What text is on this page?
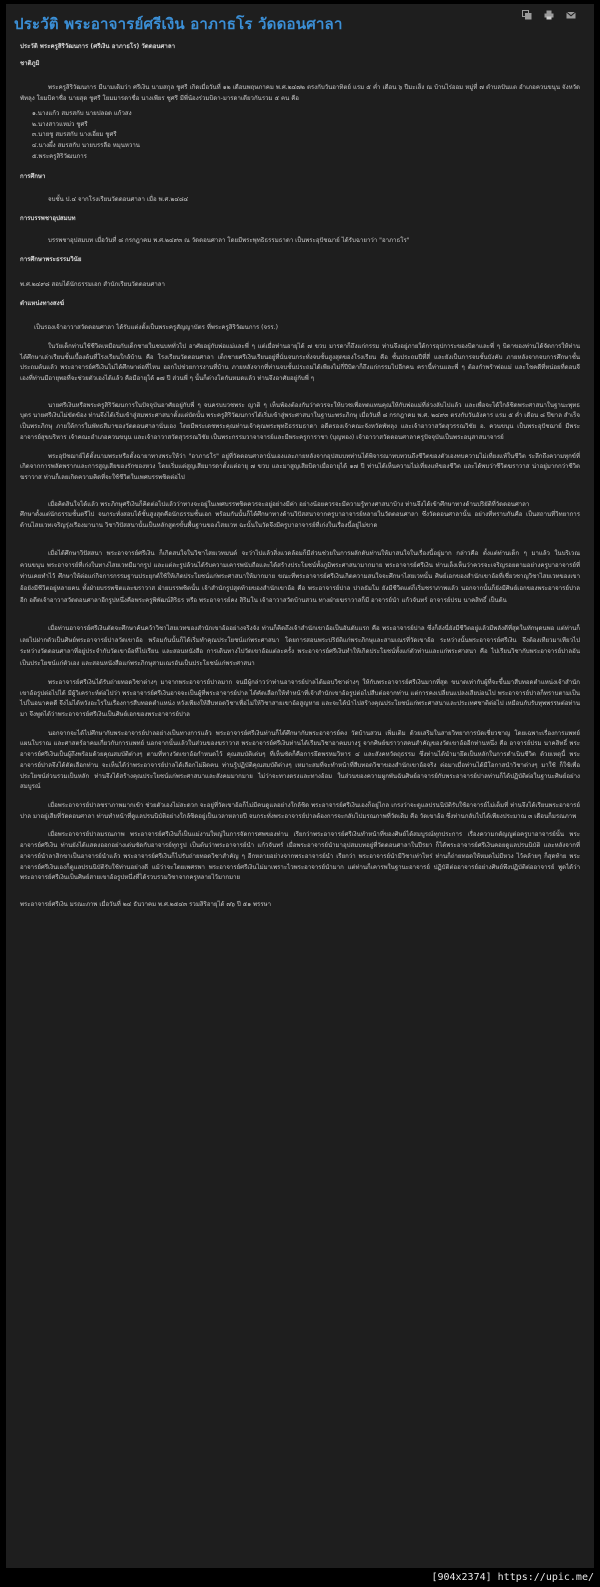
ประวัติ พระอาจารย์ศรีเงิน อาภาธโร วัดดอนศาลา
ประวัติ พระครูสิริวัฒนการ (ศรีเงิน อาภาธโร) วัดดอนศาลา
ชาติภูมิ
พระครูสิริวัฒนการ มีนามเดิมว่า ศรีเงิน นามสกุล ชูศรี เกิดเมื่อวันที่ ๑๒ เดือนพฤษภาคม พ.ศ.๒๔๗๒ ตรงกับวันอาทิตย์ แรม ๕ ค่ำ เดือน ๖ ปีมะเส็ง ณ บ้านไร่ออม หมู่ที่ ๗ ตำบลปันแต อำเภอควนขนุน จังหวัดพัทลุง โยมบิดาชื่อ นายสุด ชูศรี โยมมารดาชื่อ นางเพียร ชูศรี มีพี่น้องร่วมบิดา-มารดาเดียวกันรวม ๕ คน คือ
๑.นางแก้ว สมรสกับ นายปลอด แก้วสง
๒.นางสาวแหม่ว ชูศรี
๓.นายชู สมรสกับ นางเอี่ยม ชูศรี
๔.นางผึ้ง สมรสกับ นายบรรลือ หมุนหวาน
๕.พระครูสิริวัฒนการ
การศึกษา
จบชั้น ป.๔ จากโรงเรียนวัดดอนศาลา เมื่อ พ.ศ.๒๔๘๔
การบรรพชาอุปสมบท
บรรพชาอุปสมบท เมื่อวันที่ ๘ กรกฎาคม พ.ศ.๒๔๙๓ ณ วัดดอนศาลา โดยมีพระพุทธิธรรมธาดา เป็นพระอุปัชฌาย์ ได้รับฉายาว่า "อาภาธโร"
การศึกษาพระธรรมวินัย
พ.ศ.๒๔๙๘ สอบได้นักธรรมเอก สำนักเรียนวัดดอนศาลา
ตำแหน่งทางสงฆ์
เป็นรองเจ้าอาวาสวัดดอนศาลา ได้รับแต่งตั้งเป็นพระครูสัญญาบัตร ที่พระครูสิริวัฒนการ (จรร.)
ในวัยเด็กท่านใช้ชีวิตเหมือนกับเด็กชายในชนบททั่วไป อาศัยอยู่กับพ่อแม่และพี่ ๆ แต่เมื่อท่านอายุได้ ๗ ขวบ มารดาก็ถึงแก่กรรม ท่านจึงอยู่ภายใต้การอุปการะของบิดาและพี่ ๆ บิดาของท่านได้จัดการให้ท่าน ได้ศึกษาเล่าเรียนชั้นเบื้องต้นที่โรงเรียนใกล้บ้าน คือ โรงเรียนวัดดอนศาลา เด็กชายศรีเงินเรียนอยู่ที่นั่นจนกระทั่งจบชั้นสูงสุดของโรงเรียน คือ ชั้นประถมปีที่สี่ และยังเป็นการจบชั้นบังคับ ภายหลังจากจบการศึกษาชั้นประถมต้นแล้ว พระอาจารย์ศรีเงินไม่ได้ศึกษาต่อที่ไหน ออกไปช่วยการงานที่บ้าน ภายหลังจากที่ท่านจบชั้นประถมได้เพียงไม่กี่ปีบิดาก็ถึงแก่กรรมไปอีกคน ครานี้ท่านและพี่ ๆ ต้องกำพร้าพ่อแม่ และโชคดีที่หน่อยที่ดอนจีเองที่ท่านมีอายุพอที่จะช่วยตัวเองได้แล้ว คือมีอายุได้ ๑๗ ปี ส่วนพี่ ๆ นั้นก็ต่างโตกันหมดแล้ว ท่านจึงอาศัยอยู่กับพี่ ๆ
นายศรีเงินหรือพระครูสิริวัฒนการในปัจจุบันอาศัยอยู่กับพี่ ๆ จนครบบวชพระ ญาติ ๆ เห็นพ้องต้องกันว่าควรจะให้บวชเพื่อทดแทนคุณให้กับพ่อแม่ที่ล่วงลับไปแล้ว และเพื่อจะได้ใกล้ชิดพระศาสนาในฐานะพุทธบุตร นายศรีเงินไม่ขัดข้อง ท่านจึงได้เริ่มเข้าสู่สมพระศาสนาตั้งแต่บัดนั้น พระครูสิริวัฒนการได้เริ่มเข้าสู่พระศาสนาในฐานะพระภิกษุ เมื่อวันที่ ๘ กรกฎาคม พ.ศ. ๒๔๙๓ ตรงกับวันอังคาร แรม ๕ ค่ำ เดือน ๘ ปีขาล สำเร็จเป็นพระภิกษุ ภายใต้การในพัทธสีมาของวัดดอนศาลานั่นเอง โดยมีพระเดชพระคุณท่านเจ้าคุณพระพุทธิธรรมธาดา อดีตรองเจ้าคณะจังหวัดพัทลุง และเจ้าอาวาสวัดสุวรรณวิชัย อ. ควนขนุน เป็นพระอุปัชฌาย์ มีพระอาจารย์สุขบริหาร เจ้าคณะอำเภอควนขนุน และเจ้าอาวาสวัดสุวรรณวิชัย เป็นพระกรรมวาจาจารย์และมีพระครูการาชา (บุญทอง) เจ้าอาวาสวัดดอนศาลาครูปัจจุบันเป็นพระอนุสาสนาจารย์
พระอุปัชฌาย์ได้ตั้งนามพระหรือตั้งฉายาทางพระให้ว่า "อาภาธโร" อยู่ที่วัดดอนศาลานั่นเองและภายหลังจากอุปสมบทท่านได้พิจารณาทบทวนถึงชีวิตของตัวเองทบความไม่เที่ยงแท้ในชีวิต ระลึกถึงความทุกข์ที่เกิดจากการพลัดพรากและการสูญเสียของรักของหวง โดยเริ่มแต่สูญเสียมารดาตั้งแต่อายุ ๗ ขวบ และมาสูญเสียบิดาเมื่ออายุได้ ๑๗ ปี ท่านได้เห็นความไม่เที่ยงแท้ของชีวิต และได้พบว่าชีวิตฆราวาส น่าอยู่มากกว่าชีวิตฆราวาส ท่านก็เลยเกิดความคิดที่จะใช้ชีวิตในเพศบรรพชิตต่อไป
เมื่อคิดสินใจได้แล้ว พระภิกษุศรีเงินก็คิดต่อไปแล้วว่าทางจะอยู่ในเพศบรรพชิตควรจะอยู่อย่างมีค่า อย่างน้อยควรจะมีความรู้ทางศาสนาบ้าง ท่านจึงได้เข้าศึกษาทางด้านปริยัติที่วัดดอนศาลา
ศึกษาตั้งแต่นักธรรมชั้นตรีไป จนกระทั่งสอบได้ชั้นสูงสุดคือนักธรรมชั้นเอก พร้อมกันนั้นก็ได้ศึกษาทางด้านวิปัสสนาจากครูบาอาจารย์หลายในวัดดอนศาลา ซึ่งวัดดอนศาลานั้น อย่างที่ทราบกันคือ เป็นสถานที่วิทยาการด้านไสยเวทเจริญรุ่งเรืองมานาน วิชาวิปัสสนานั้นเป็นหลักสูตรขั้นพื้นฐานของไสยเวท ฉะนั้นในวัดจึงมีครูบาอาจารย์ที่เก่งในเรื่องนี้อยู่ไม่ขาด
เมื่อได้ศึกษาวิปัสสนา พระอาจารย์ศรีเงิน ก็เกิดสนใจในวิชาไสยเวทมนต์ จะว่าไปแล้วสิ่งแวดล้อมก็มีส่วนช่วยในการผลักดันท่านให้มาสนใจในเรื่องนี้อยู่มาก กล่าวคือ ตั้งแต่ท่านเด็ก ๆ มาแล้ว ในบริเวณควนขนุน พระอาจารย์ที่เก่งในทางไสยเวทมีมากรูป และแต่ละรูปล้วนได้รับความเคารพนับถือและได้สร้างประโยชน์ทั้งภูมิพระศาสนามากมาย พระอาจารย์ศรีเงิน ท่านเล็งเห็นว่าควรจะเจริญรอยตามอย่างครูบาอาจารย์ที่ท่านเคยทำไว้ ศึกษาให้ต่อแก่กิจการกรรมฐานประยุกต์ใช้ให้เกิดประโยชน์แก่พระศาสนาให้มากมาย ขณะที่พระอาจารย์ศรีเงินเกิดความสนใจจะศึกษาไสยเวทนั้น ศิษย์เอกของสำนักเขาอ้อที่เชี่ยวชาญวิชาไสยเวทของเขาอ้อยังมีชีวิตอยู่หลายคน ทั้งฝ่ายบรรพชิตและฆราวาส ฝ่ายบรรพชิตนั้น เจ้าสำนักรูปสุดท้ายของสำนักเขาอ้อ คือ พระอาจารย์ปาล ปาลธัมโม ยังมีชีวิตแต่ก็เริ่มชราภาพแล้ว นอกจากนั้นก็ยังมีศิษย์เอกของพระอาจารย์ปาลอีก อดีตเจ้าอาวาสวัดดอนศาลาอีกรูปหนึ่งคือพระครูพิพัฒน์สิริธร หรือ พระอาจารย์คง สิริมโน เจ้าอาวาสวัดบ้านสวน ทางฝ่ายฆราวาสก็มี อาจารย์นำ แก้วจันทร์ อาจารย์ปรม นาคสิทธิ์ เป็นต้น
เมื่อท่านอาจารย์ศรีเงินตัดจะศึกษาค้นคว้าวิชาไสยเวทของสำนักเขาอ้ออย่างจริงจัง ท่านก็คิดถึงเจ้าสำนักเขาอ้อเป็นอันดับแรก คือ พระอาจารย์ปาล ซึ่งก็ลังนี่ยังมีชีวิตอยู่แล้วมีพลังดีที่สุดในทักษุดนพอ แต่ท่านก็เลยไปฝากตัวเป็นศิษย์พระอาจารย์ปาลวัดเขาอ้อ พร้อมกันนั้นก็ได้เริ่มทำคุณประโยชน์แก่พระศาสนา โดยการสอนพระปริยัติแก่พระภิกษุและสามเณรที่วัดเขาอ้อ ระหว่างนั้นพระอาจารย์ศรีเงิน จึงต้องเทียวมาเทียวไป ระหว่างวัดดอนศาลาที่อยู่ประจำกับวัดเขาอ้อที่ไปเรียน และสอนหนังสือ การเดินทางไปวัดเขาอ้อแต่ละครั้ง พระอาจารย์ศรีเงินทำให้เกิดประโยชน์ทั้งแก่ตัวท่านและแก่พระศาสนา คือ ไปเรียนวิชากับพระอาจารย์ปาลอันเป็นประโยชน์แก่ตัวเอง และสอนหนังสือแก่พระภิกษุสามเณรอันเป็นประโยชน์แก่พระศาสนา
พระอาจารย์ศรีเงินได้รับถ่ายทอดวิชาต่างๆ มาจากพระอาจารย์ปาลมาก จนมีผู้กล่าวว่าท่านอาจารย์ปาลได้มอบวิชาต่างๆ ให้กับพระอาจารย์ศรีเงินมากที่สุด ขนาดเท่ากับผู้ที่จะขึ้นมาสืบทอดตำแหน่งเจ้าสำนักเขาอ้อรูปต่อไปได้ มีผู้วิเคราะห์ต่อไปว่า พระอาจารย์ศรีเงินอาจจะเป็นผู้ที่พระอาจารย์ปาล ได้คัดเลือกให้ทำหน้าที่เจ้าสำนักเขาอ้อรูปต่อไปสืบต่อจากท่าน แต่การคงเปลี่ยนแปลงเสียบ่อนไป พระอาจารย์ปาลก็ทราบตามเป็นไปในอนาคตดี จึงไม่ได้หวังอะไรในเรื่องการสืบทอดตำแหน่ง หวังเพียงให้สืบทอดวิชาเพื่อไม่ให้วิชาสายเขาอ้อสูญหาย และจะได้นำไปสร้างคุณประโยชน์แก่พระศาสนาและประเทศชาติต่อไป เหมือนกับรับทุพพรรษต่อท่านมา จึงพูดได้ว่าพระอาจารย์ศรีเงินเป็นศิษย์เอกของพระอาจารย์ปาล
นอกจากจะได้ไปศึกษากับพระอาจารย์ปาลอย่างเป็นทางการแล้ว พระอาจารย์ศรีเงินท่านก็ได้ศึกษากับพระอาจารย์คง วัดบ้านสวน เพิ่มเติม ด้วยเสริมในสายวิทยาการบัดเชี่ยวชาญ โดยเฉพาะเรื่องการแพทย์แผนโบราณ และศาสตร์อาคมเกี่ยวกับการแพทย์ นอกจากนั้นแล้วในส่วนของฆราวาส พระอาจารย์ศรีเงินท่านได้เรียนวิชาอาคมบางรู จากศิษย์ฆราวาสคนสำคัญของวัดเขาอ้ออีกท่านหนึ่ง คือ อาจารย์ปรม นาคสิทธิ์ พระอาจารย์ศรีเงินเป็นผู้ถึงพร้อมด้วยคุณสมบัติต่างๆ ตามที่ทางวัดเขาอ้อกำหนดไว้ คุณสมบัติเด่นๆ ที่เห็นชัดก็คือการยึดพรหมวิหาร ๔ และสังคหวัตถุธรรม ซึ่งท่านได้นำมายึดเป็นหลักในการดำเนินชีวิต ด้วยเหตุนี้ พระอาจารย์ปาลจึงได้ตัดเลือกท่าน จะเห็นได้ว่าพระอาจารย์ปาลได้เลือกไม่ผิดคน ท่านรู้ปฏิบัติคุณสมบัติต่างๆ เหมาะสมที่จะทำหน้าที่สืบทอดวิชาของสำนักเขาอ้อจริง ต่อมาเมื่อท่านได้มีโอกาสนำวิชาต่างๆ มาใช้ ก็ใช้เพื่อประโยชน์ส่วนรวมเป็นหลัก ท่านจึงได้สร้างคุณประโยชน์แก่พระศาสนาและสังคมมากมาย ไม่ว่าจะทางตรงและทางอ้อม ในส่วนของความผูกพันฉันศิษย์อาจารย์กับพระอาจารย์ปาลท่านก็ได้ปฏิบัติต่อในฐานะศิษย์อย่างสมบูรณ์
เมื่อพระอาจารย์ปาลชราภาพมากเข้า ช่วยตัวเองไม่สะดวก จะอยู่ที่วัดเขาอ้อก็ไม่มีคนดูแลอย่างใกล้ชิด พระอาจารย์ศรีเงินเองก็อยู่ไกล เกรงว่าจะดูแลปรนนิบัติรับใช้อาจารย์ไม่เต็มที่ ท่านจึงได้เรียนพระอาจารย์ปาล มาอยู่เสียที่วัดดอนศาลา ท่านทำหน้าที่ดูแลปรนนิบัติอย่างใกล้ชิดอยู่เป็นเวลาหลายปี จนกระทั่งพระอาจารย์ปาลต้องการจะกลับไปมรณภาพที่วัดเดิม คือ วัดเขาอ้อ ซึ่งท่านกลับไปได้เพียงประมาณ ๓ เดือนก็มรณภาพ
เมื่อพระอาจารย์ปาลมรณภาพ พระอาจารย์ศรีเงินก็เป็นแม่งานใหญ่ในการจัดการศพของท่าน เรียกว่าพระอาจารย์ศรีเงินทำหน้าที่ของศิษย์ได้สมบูรณ์ทุกประการ เรื่องความกตัญญูต่อครูบาอาจารย์นั้น พระอาจารย์ศรีเงิน ท่านยังได้แสดงออกอย่างเด่นชัดกับอาจารย์ทุกรูป เป็นต้นว่าพระอาจารย์นำ แก้วจันทร์ เมื่อพระอาจารย์นำมาอุปสมบทอยู่ที่วัดดอนศาลาในปีรยา ก็ได้พระอาจารย์ศรีเงินคอยดูแลปรนนิบัติ และหลังจากที่อาจารย์นำลาสิกขาเป็นอาจารย์นำแล้ว พระอาจารย์ศรีเงินก็ไปรับถ่ายทอดวิชาสำคัญ ๆ อีกหลายอย่างจากพระอาจารย์นำ เรียกว่า พระอาจารย์นำมีวิชาเท่าไหร่ ท่านก็ถ่ายทอดให้หมดไม่มีหวง ไว้คล้ายๆ ก็สุดท้าย พระอาจารย์ศรีเงินเองก็ดูแลปรนนิบัติรับใช้ท่านอย่างดี แม้ว่าจะโดยเพศรพา พระอาจารย์ศรีเงินไม่มาเพราะไวพระอาจารย์นำมาก แต่ท่านก็เคารพในฐานะอาจารย์ ปฏิบัติต่ออาจารย์อย่างศิษย์พึงปฏิบัติต่ออาจารย์ พูดได้ว่าพระอาจารย์ศรีเงินเป็นศิษย์สายเขาอ้อรูปหนึ่งที่ได้รวบรวมวิชาจากครูหลายไว้มากมาย
พระอาจารย์ศรีเงิน มรณะภาพ เมื่อวันที่ ๒๔ ธันวาคม พ.ศ.๒๕๔๓ รวมสิริอายุได้ ๗๖ ปี ๕๑ พรรษา
[904x2374] https://upic.me/
